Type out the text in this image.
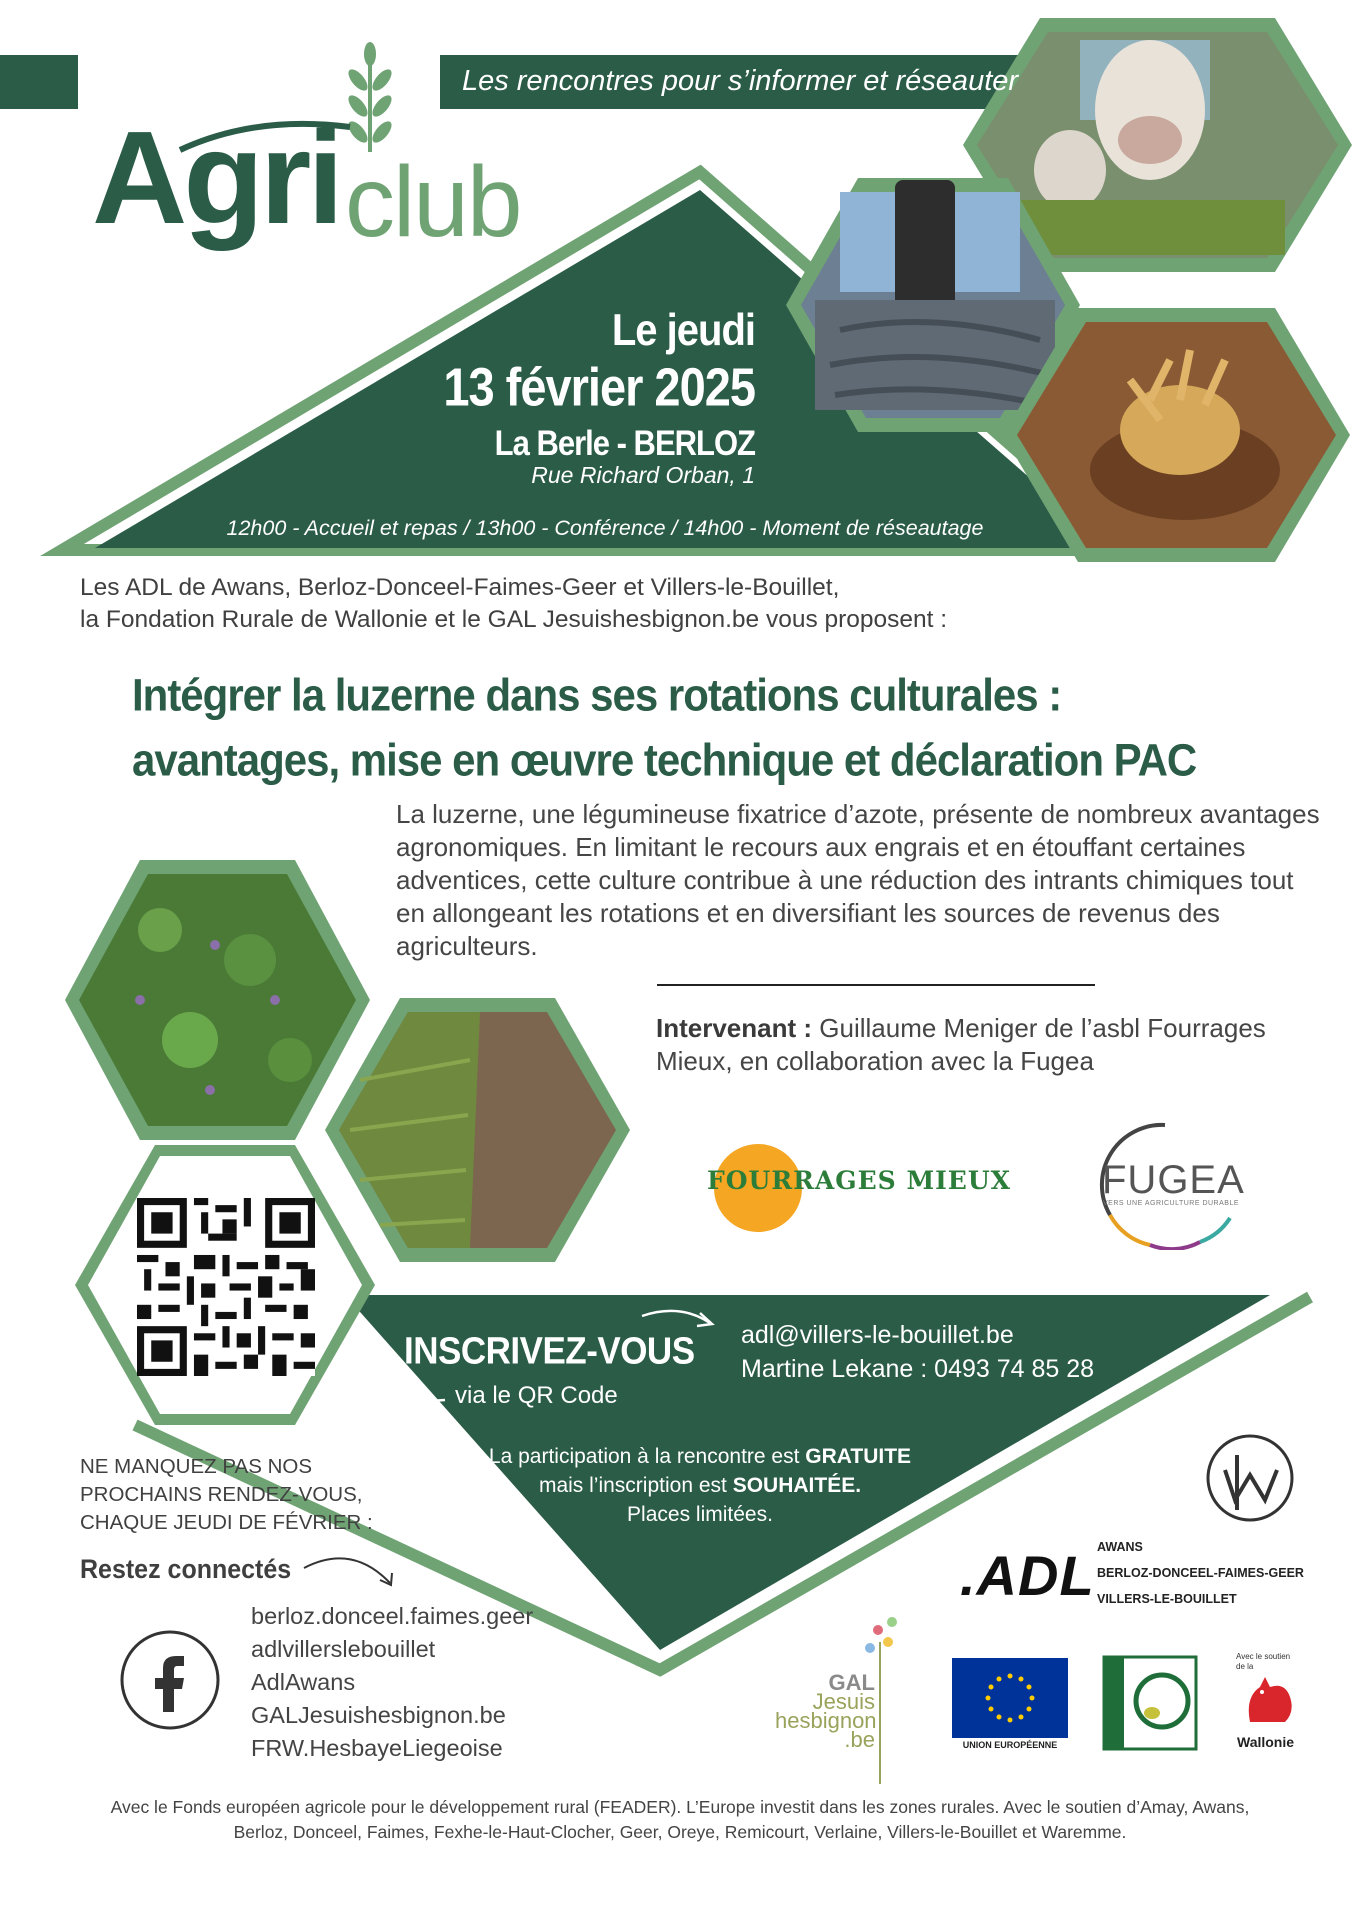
Les rencontres pour s’informer et réseauter
Agri club
Le jeudi
13 février 2025
La Berle - BERLOZ
Rue Richard Orban, 1
12h00 - Accueil et repas / 13h00 - Conférence / 14h00 - Moment de réseautage
Les ADL de Awans, Berloz-Donceel-Faimes-Geer et Villers-le-Bouillet,
la Fondation Rurale de Wallonie et le GAL Jesuishesbignon.be vous proposent :
Intégrer la luzerne dans ses rotations culturales :
avantages, mise en œuvre technique et déclaration PAC
La luzerne, une légumineuse fixatrice d’azote, présente de nombreux avantages agronomiques. En limitant le recours aux engrais et en étouffant certaines adventices, cette culture contribue à une réduction des intrants chimiques tout en allongeant les rotations et en diversifiant les sources de revenus des agriculteurs.
Intervenant : Guillaume Meniger de l’asbl Fourrages Mieux, en collaboration avec la Fugea
FOURRAGES MIEUX FUGEA
VERS UNE AGRICULTURE DURABLE
INSCRIVEZ-VOUS
via le QR Code
adl@villers-le-bouillet.be
Martine Lekane : 0493 74 85 28
La participation à la rencontre est GRATUITE
mais l’inscription est SOUHAITÉE.
Places limitées.
NE MANQUEZ PAS NOS
PROCHAINS RENDEZ-VOUS,
CHAQUE JEUDI DE FÉVRIER :
Restez connectés
berloz.donceel.faimes.geer
adlvillerslebouillet
AdlAwans
GALJesuishesbignon.be
FRW.HesbayeLiegeoise
.ADL AWANS
BERLOZ-DONCEEL-FAIMES-GEER
VILLERS-LE-BOUILLET
GAL
Jesuis
hesbignon
.be	UNION EUROPÉENNE
LEADER
Avec le soutien de la
Wallonie
Avec le Fonds européen agricole pour le développement rural (FEADER). L’Europe investit dans les zones rurales. Avec le soutien d’Amay, Awans,
Berloz, Donceel, Faimes, Fexhe-le-Haut-Clocher, Geer, Oreye, Remicourt, Verlaine, Villers-le-Bouillet et Waremme.
